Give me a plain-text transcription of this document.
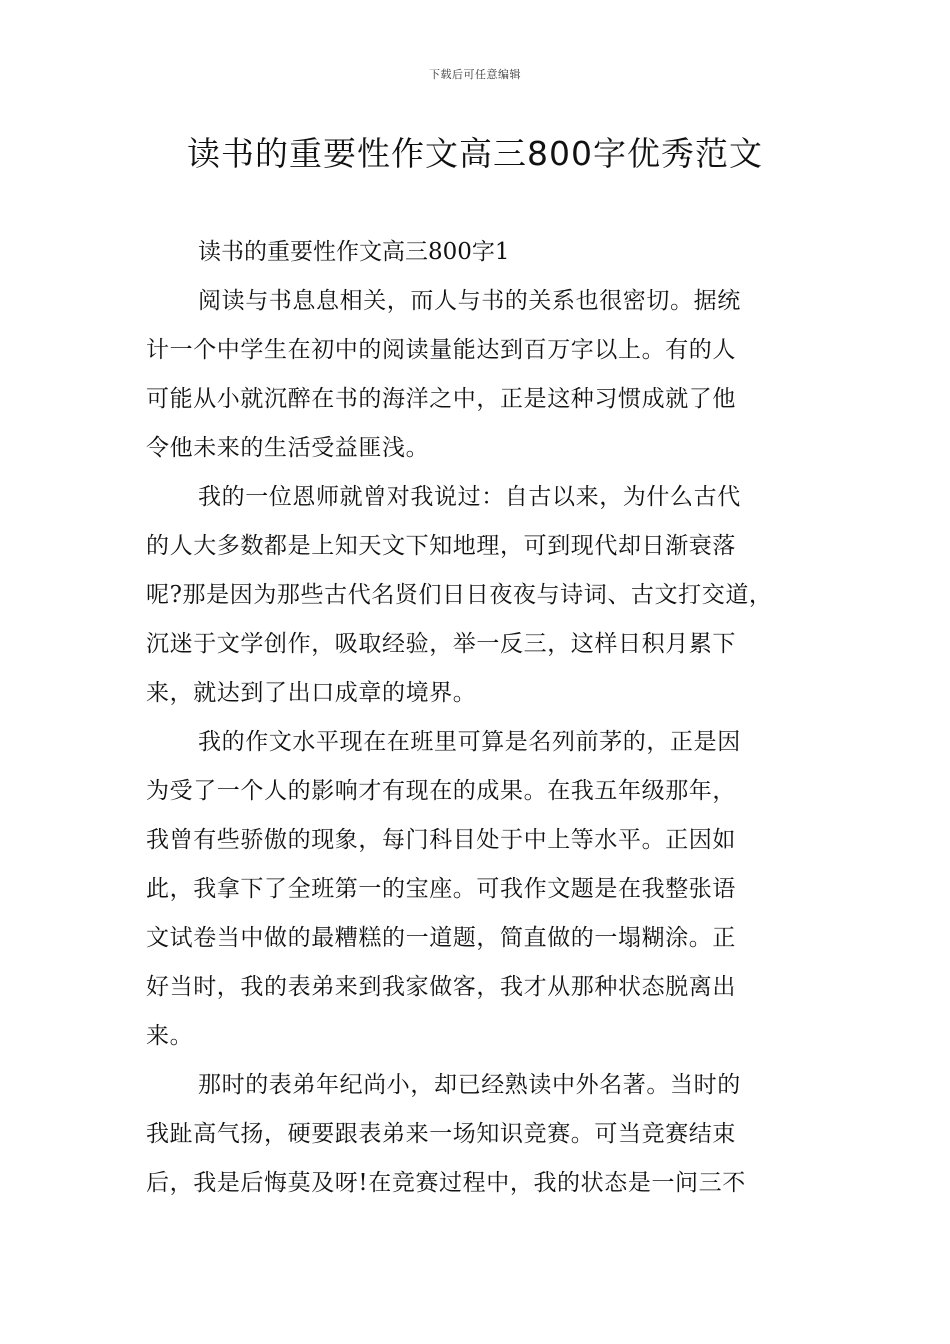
下载后可任意编辑
读书的重要性作文高三800字优秀范文

读书的重要性作文高三800字1

阅读与书息息相关，而人与书的关系也很密切。据统
计一个中学生在初中的阅读量能达到百万字以上。有的人
可能从小就沉醉在书的海洋之中，正是这种习惯成就了他
令他未来的生活受益匪浅。

我的一位恩师就曾对我说过：自古以来，为什么古代
的人大多数都是上知天文下知地理，可到现代却日渐衰落
呢?那是因为那些古代名贤们日日夜夜与诗词、古文打交道，
沉迷于文学创作，吸取经验，举一反三，这样日积月累下
来，就达到了出口成章的境界。

我的作文水平现在在班里可算是名列前茅的，正是因
为受了一个人的影响才有现在的成果。在我五年级那年，
我曾有些骄傲的现象，每门科目处于中上等水平。正因如
此，我拿下了全班第一的宝座。可我作文题是在我整张语
文试卷当中做的最糟糕的一道题，简直做的一塌糊涂。正
好当时，我的表弟来到我家做客，我才从那种状态脱离出
来。

那时的表弟年纪尚小，却已经熟读中外名著。当时的
我趾高气扬，硬要跟表弟来一场知识竞赛。可当竞赛结束
后，我是后悔莫及呀!在竞赛过程中，我的状态是一问三不
